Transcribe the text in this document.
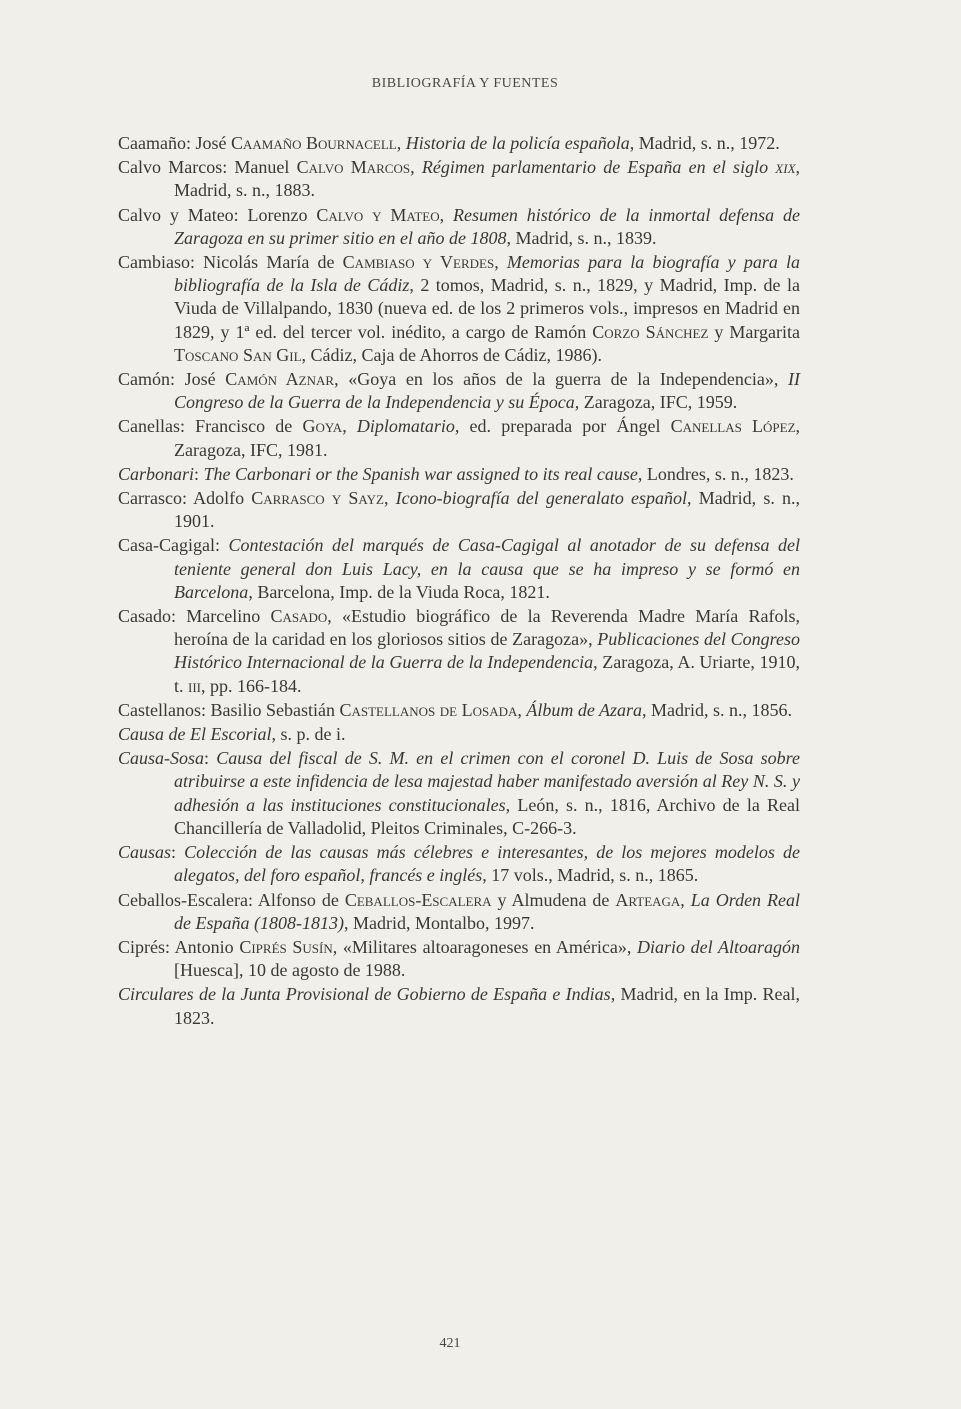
BIBLIOGRAFÍA Y FUENTES

Caamaño: José Caamaño Bournacell, Historia de la policía española, Madrid, s. n., 1972.

Calvo Marcos: Manuel Calvo Marcos, Régimen parlamentario de España en el siglo xix, Madrid, s. n., 1883.

Calvo y Mateo: Lorenzo Calvo y Mateo, Resumen histórico de la inmortal defensa de Zaragoza en su primer sitio en el año de 1808, Madrid, s. n., 1839.

Cambiaso: Nicolás María de Cambiaso y Verdes, Memorias para la biografía y para la bibliografía de la Isla de Cádiz, 2 tomos, Madrid, s. n., 1829, y Madrid, Imp. de la Viuda de Villalpando, 1830 (nueva ed. de los 2 primeros vols., impresos en Madrid en 1829, y 1ª ed. del tercer vol. inédito, a cargo de Ramón Corzo Sánchez y Margarita Toscano San Gil, Cádiz, Caja de Ahorros de Cádiz, 1986).

Camón: José Camón Aznar, «Goya en los años de la guerra de la Independencia», II Congreso de la Guerra de la Independencia y su Época, Zaragoza, IFC, 1959.

Canellas: Francisco de Goya, Diplomatario, ed. preparada por Ángel Canellas López, Zaragoza, IFC, 1981.

Carbonari: The Carbonari or the Spanish war assigned to its real cause, Londres, s. n., 1823.

Carrasco: Adolfo Carrasco y Sayz, Icono-biografía del generalato español, Madrid, s. n., 1901.

Casa-Cagigal: Contestación del marqués de Casa-Cagigal al anotador de su defensa del teniente general don Luis Lacy, en la causa que se ha impreso y se formó en Barcelona, Barcelona, Imp. de la Viuda Roca, 1821.

Casado: Marcelino Casado, «Estudio biográfico de la Reverenda Madre María Rafols, heroína de la caridad en los gloriosos sitios de Zaragoza», Publicaciones del Congreso Histórico Internacional de la Guerra de la Independencia, Zaragoza, A. Uriarte, 1910, t. iii, pp. 166-184.

Castellanos: Basilio Sebastián Castellanos de Losada, Álbum de Azara, Madrid, s. n., 1856.

Causa de El Escorial, s. p. de i.

Causa-Sosa: Causa del fiscal de S. M. en el crimen con el coronel D. Luis de Sosa sobre atribuirse a este infidencia de lesa majestad haber manifestado aversión al Rey N. S. y adhesión a las instituciones constitucionales, León, s. n., 1816, Archivo de la Real Chancillería de Valladolid, Pleitos Criminales, C-266-3.

Causas: Colección de las causas más célebres e interesantes, de los mejores modelos de alegatos, del foro español, francés e inglés, 17 vols., Madrid, s. n., 1865.

Ceballos-Escalera: Alfonso de Ceballos-Escalera y Almudena de Arteaga, La Orden Real de España (1808-1813), Madrid, Montalbo, 1997.

Ciprés: Antonio Ciprés Susín, «Militares altoaragoneses en América», Diario del Altoaragón [Huesca], 10 de agosto de 1988.

Circulares de la Junta Provisional de Gobierno de España e Indias, Madrid, en la Imp. Real, 1823.

421
